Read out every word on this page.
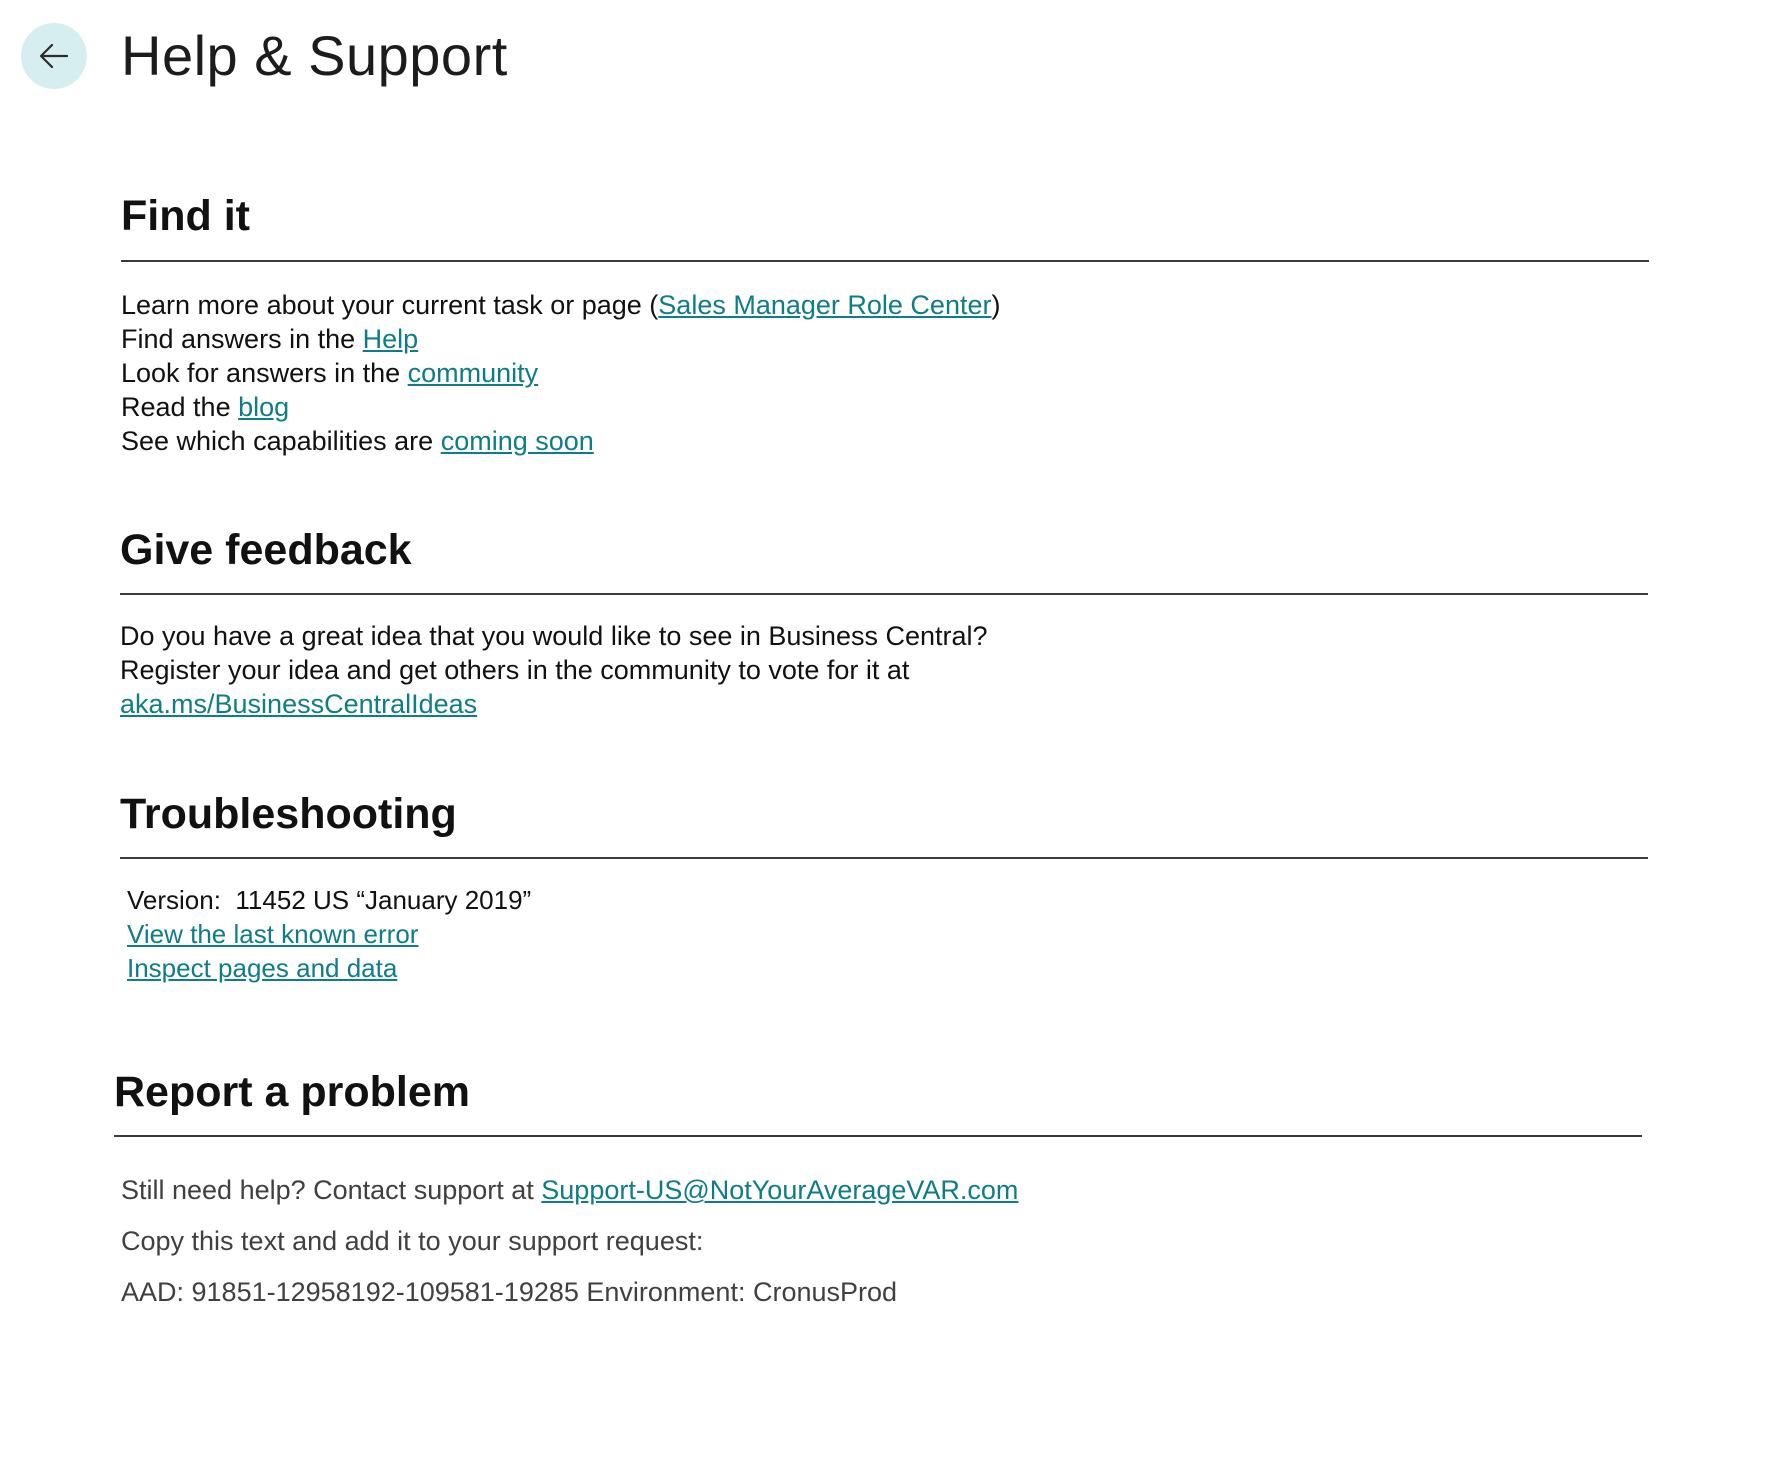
Help & Support
Find it
Learn more about your current task or page (Sales Manager Role Center)
Find answers in the Help
Look for answers in the community
Read the blog
See which capabilities are coming soon
Give feedback
Do you have a great idea that you would like to see in Business Central?
Register your idea and get others in the community to vote for it at
aka.ms/BusinessCentralIdeas
Troubleshooting
Version: 11452 US “January 2019”
View the last known error
Inspect pages and data
Report a problem
Still need help? Contact support at Support-US@NotYourAverageVAR.com
Copy this text and add it to your support request:
AAD: 91851-12958192-109581-19285 Environment: CronusProd
